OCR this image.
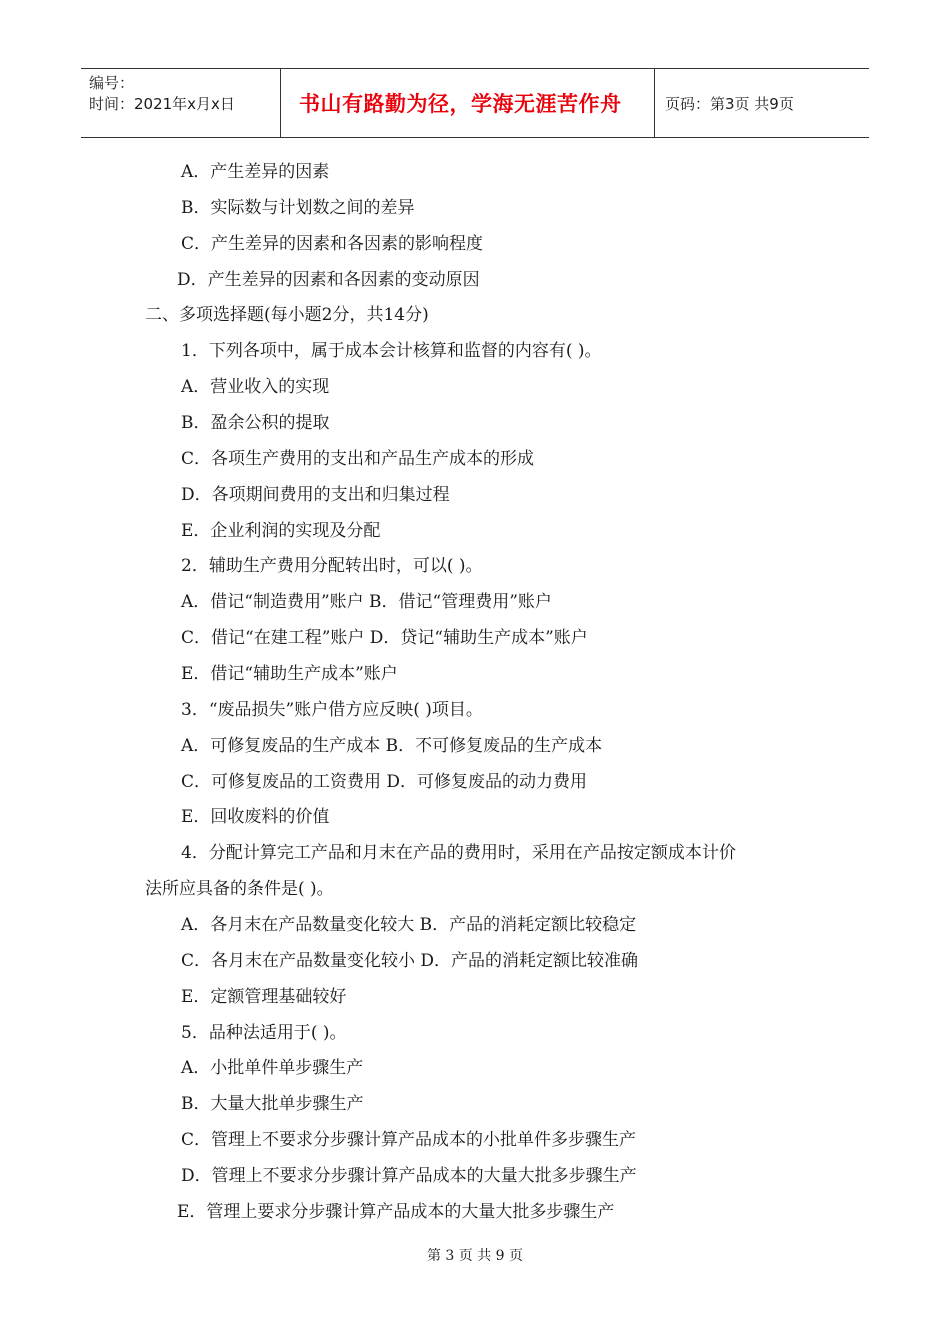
编号：
时间：2021年x月x日	书山有路勤为径，学海无涯苦作舟	页码：第3页 共9页
A．产生差异的因素
B．实际数与计划数之间的差异
C．产生差异的因素和各因素的影响程度
D．产生差异的因素和各因素的变动原因
二、多项选择题(每小题2分，共14分)
1．下列各项中，属于成本会计核算和监督的内容有( )。
A．营业收入的实现
B．盈余公积的提取
C．各项生产费用的支出和产品生产成本的形成
D．各项期间费用的支出和归集过程
E．企业利润的实现及分配
2．辅助生产费用分配转出时，可以( )。
A．借记“制造费用”账户 B．借记“管理费用”账户
C．借记“在建工程”账户 D．贷记“辅助生产成本”账户
E．借记“辅助生产成本”账户
3．“废品损失”账户借方应反映( )项目。
A．可修复废品的生产成本 B．不可修复废品的生产成本
C．可修复废品的工资费用 D．可修复废品的动力费用
E．回收废料的价值
4．分配计算完工产品和月末在产品的费用时，采用在产品按定额成本计价
法所应具备的条件是( )。
A．各月末在产品数量变化较大 B．产品的消耗定额比较稳定
C．各月末在产品数量变化较小 D．产品的消耗定额比较准确
E．定额管理基础较好
5．品种法适用于( )。
A．小批单件单步骤生产
B．大量大批单步骤生产
C．管理上不要求分步骤计算产品成本的小批单件多步骤生产
D．管理上不要求分步骤计算产品成本的大量大批多步骤生产
E．管理上要求分步骤计算产品成本的大量大批多步骤生产
第 3 页 共 9 页
